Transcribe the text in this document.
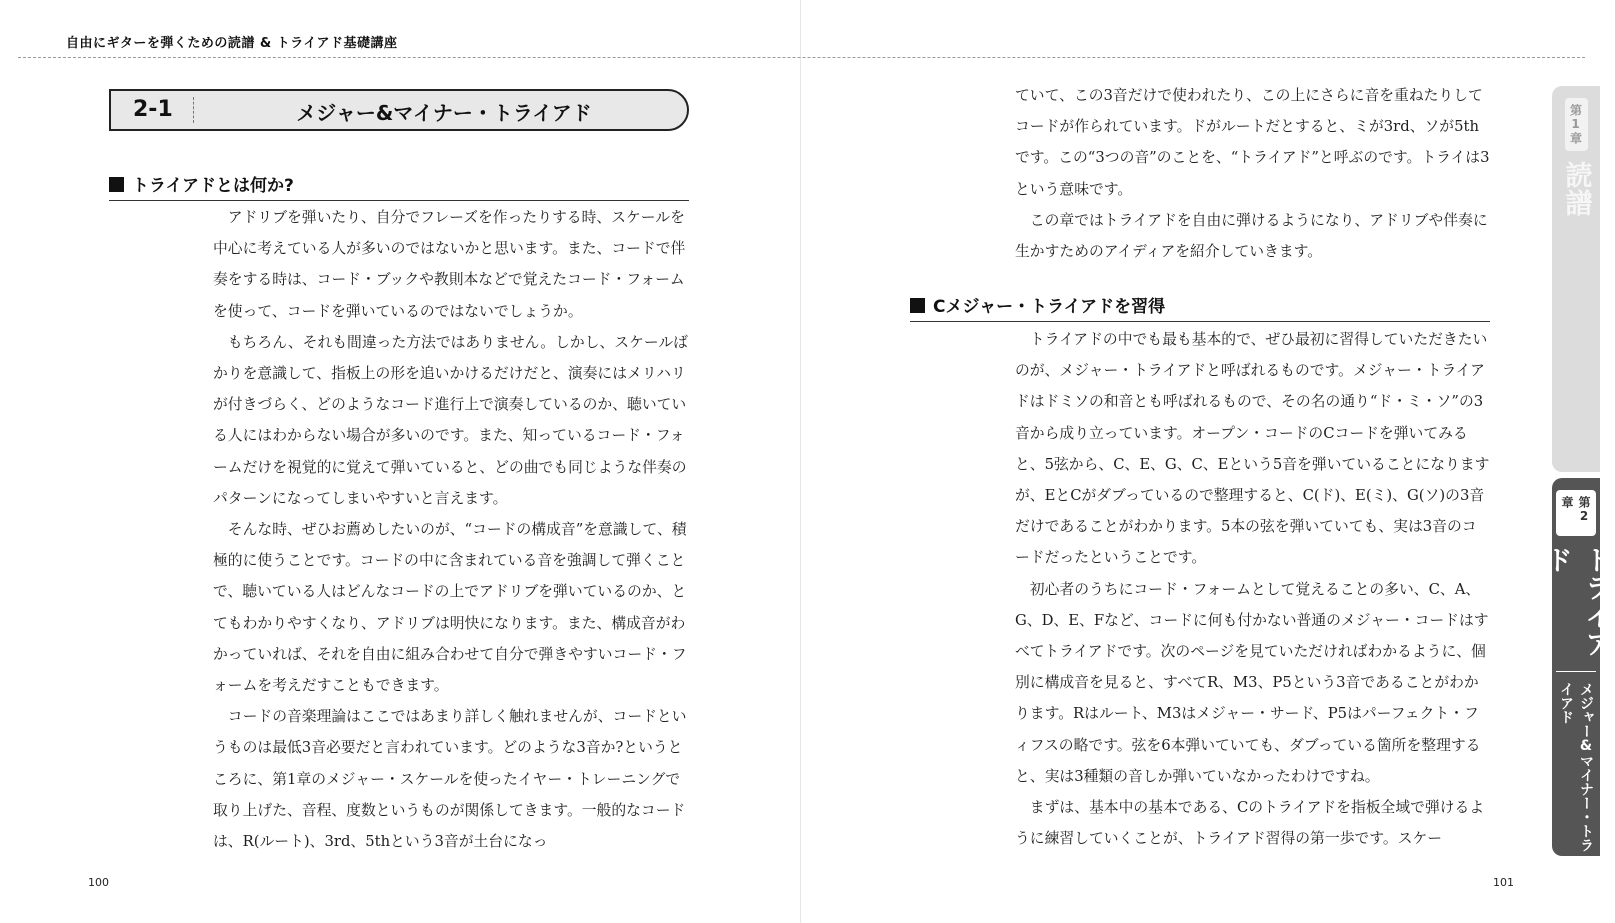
自由にギターを弾くための読譜 & トライアド基礎講座
2-1	メジャー&マイナー・トライアド
トライアドとは何か?

アドリブを弾いたり、自分でフレーズを作ったりする時、スケールを中心に考えている人が多いのではないかと思います。また、コードで伴奏をする時は、コード・ブックや教則本などで覚えたコード・フォームを使って、コードを弾いているのではないでしょうか。

もちろん、それも間違った方法ではありません。しかし、スケールばかりを意識して、指板上の形を追いかけるだけだと、演奏にはメリハリが付きづらく、どのようなコード進行上で演奏しているのか、聴いている人にはわからない場合が多いのです。また、知っているコード・フォームだけを視覚的に覚えて弾いていると、どの曲でも同じような伴奏のパターンになってしまいやすいと言えます。

そんな時、ぜひお薦めしたいのが、“コードの構成音”を意識して、積極的に使うことです。コードの中に含まれている音を強調して弾くことで、聴いている人はどんなコードの上でアドリブを弾いているのか、とてもわかりやすくなり、アドリブは明快になります。また、構成音がわかっていれば、それを自由に組み合わせて自分で弾きやすいコード・フォームを考えだすこともできます。

コードの音楽理論はここではあまり詳しく触れませんが、コードというものは最低3音必要だと言われています。どのような3音か?というところに、第1章のメジャー・スケールを使ったイヤー・トレーニングで取り上げた、音程、度数というものが関係してきます。一般的なコードは、R(ルート)、3rd、5thという3音が土台になっ

100

ていて、この3音だけで使われたり、この上にさらに音を重ねたりしてコードが作られています。ドがルートだとすると、ミが3rd、ソが5thです。この“3つの音”のことを、“トライアド”と呼ぶのです。トライは3という意味です。

この章ではトライアドを自由に弾けるようになり、アドリブや伴奏に生かすためのアイディアを紹介していきます。

Cメジャー・トライアドを習得

トライアドの中でも最も基本的で、ぜひ最初に習得していただきたいのが、メジャー・トライアドと呼ばれるものです。メジャー・トライアドはドミソの和音とも呼ばれるもので、その名の通り“ド・ミ・ソ”の3音から成り立っています。オープン・コードのCコードを弾いてみると、5弦から、C、E、G、C、Eという5音を弾いていることになりますが、EとCがダブっているので整理すると、C(ド)、E(ミ)、G(ソ)の3音だけであることがわかります。5本の弦を弾いていても、実は3音のコードだったということです。

初心者のうちにコード・フォームとして覚えることの多い、C、A、G、D、E、Fなど、コードに何も付かない普通のメジャー・コードはすべてトライアドです。次のページを見ていただければわかるように、個別に構成音を見ると、すべてR、M3、P5という3音であることがわかります。Rはルート、M3はメジャー・サード、P5はパーフェクト・フィフスの略です。弦を6本弾いていても、ダブっている箇所を整理すると、実は3種類の音しか弾いていなかったわけですね。

まずは、基本中の基本である、Cのトライアドを指板全域で弾けるように練習していくことが、トライアド習得の第一歩です。スケー

101
第1章
読譜
第2章
トライアド
メジャー&マイナー・トライアド
